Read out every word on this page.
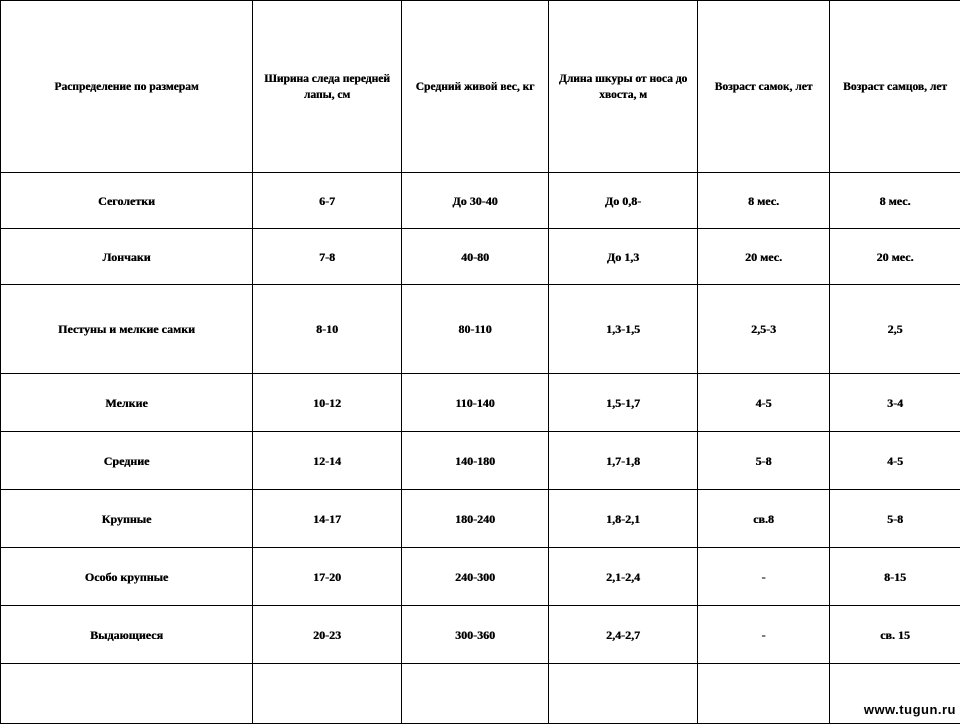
Распределение по размерам	Ширина следа передней лапы, см	Средний живой вес, кг	Длина шкуры от носа до хвоста, м	Возраст самок, лет	Возраст самцов, лет
Сеголетки	6-7	До 30-40	До 0,8-	8 мес.	8 мес.
Лончаки	7-8	40-80	До 1,3	20 мес.	20 мес.
Пестуны и мелкие самки	8-10	80-110	1,3-1,5	2,5-3	2,5
Мелкие	10-12	110-140	1,5-1,7	4-5	3-4
Средние	12-14	140-180	1,7-1,8	5-8	4-5
Крупные	14-17	180-240	1,8-2,1	св.8	5-8
Особо крупные	17-20	240-300	2,1-2,4	-	8-15
Выдающиеся	20-23	300-360	2,4-2,7	-	св. 15

www.tugun.ru
